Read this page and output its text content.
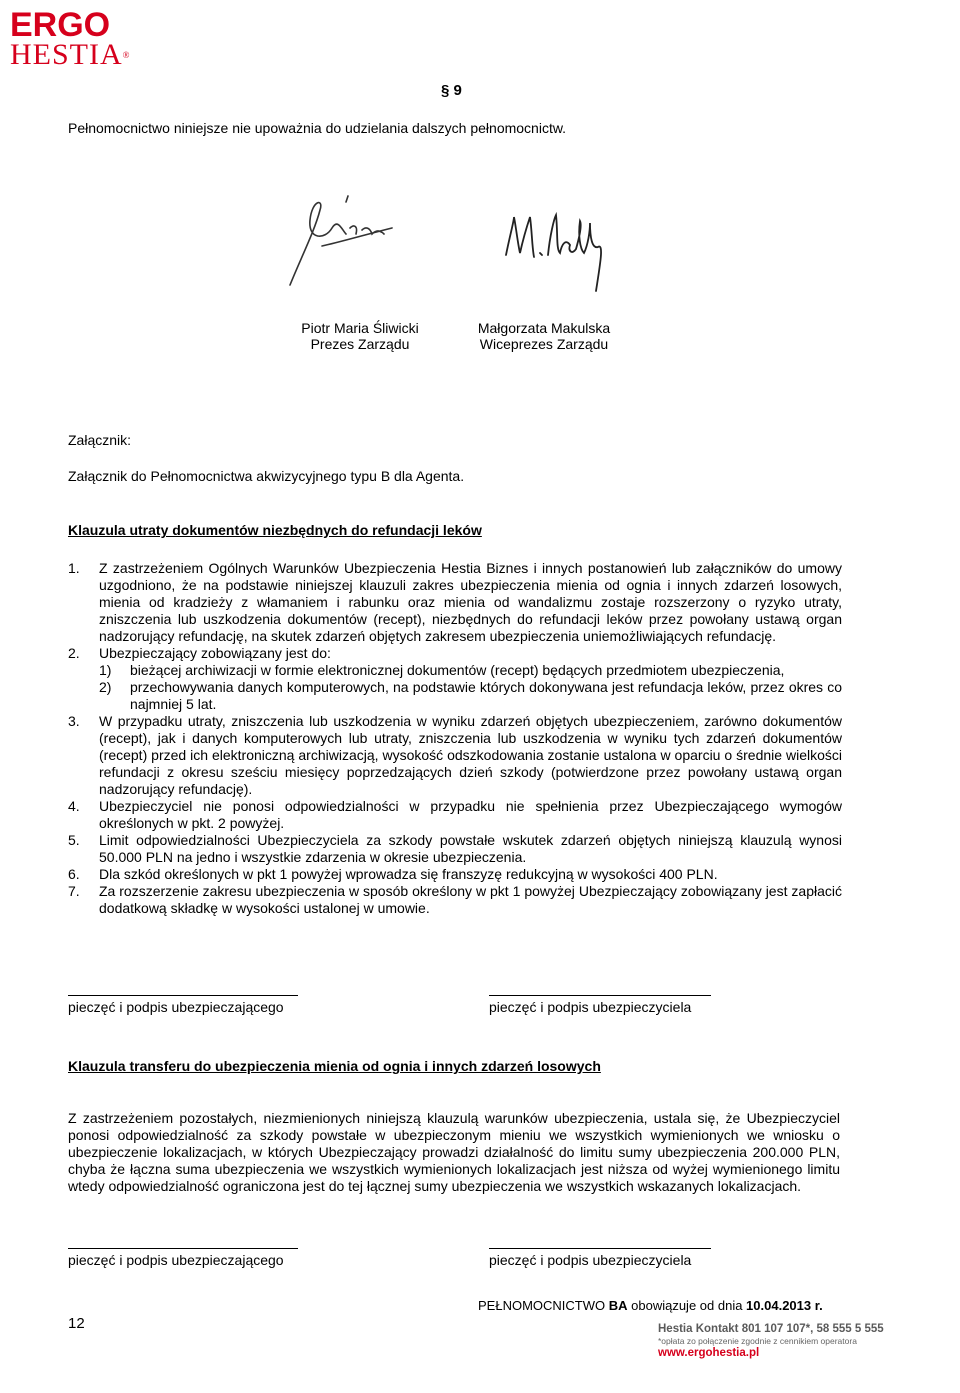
ERGO
HESTIA®
§ 9
Pełnomocnictwo niniejsze nie upoważnia do udzielania dalszych pełnomocnictw.
Piotr Maria Śliwicki
Prezes Zarządu
Małgorzata Makulska
Wiceprezes Zarządu
Załącznik:
Załącznik do Pełnomocnictwa akwizycyjnego typu B dla Agenta.
Klauzula utraty dokumentów niezbędnych do refundacji leków
1. Z zastrzeżeniem Ogólnych Warunków Ubezpieczenia Hestia Biznes i innych postanowień lub załączników do umowy uzgodniono, że na podstawie niniejszej klauzuli zakres ubezpieczenia mienia od ognia i innych zdarzeń losowych, mienia od kradzieży z włamaniem i rabunku oraz mienia od wandalizmu zostaje rozszerzony o ryzyko utraty, zniszczenia lub uszkodzenia dokumentów (recept), niezbędnych do refundacji leków przez powołany ustawą organ nadzorujący refundację, na skutek zdarzeń objętych zakresem ubezpieczenia uniemożliwiających refundację.
2. Ubezpieczający zobowiązany jest do:
1) bieżącej archiwizacji w formie elektronicznej dokumentów (recept) będących przedmiotem ubezpieczenia,
2) przechowywania danych komputerowych, na podstawie których dokonywana jest refundacja leków, przez okres co najmniej 5 lat.
3. W przypadku utraty, zniszczenia lub uszkodzenia w wyniku zdarzeń objętych ubezpieczeniem, zarówno dokumentów (recept), jak i danych komputerowych lub utraty, zniszczenia lub uszkodzenia w wyniku tych zdarzeń dokumentów (recept) przed ich elektroniczną archiwizacją, wysokość odszkodowania zostanie ustalona w oparciu o średnie wielkości refundacji z okresu sześciu miesięcy poprzedzających dzień szkody (potwierdzone przez powołany ustawą organ nadzorujący refundację).
4. Ubezpieczyciel nie ponosi odpowiedzialności w przypadku nie spełnienia przez Ubezpieczającego wymogów określonych w pkt. 2 powyżej.
5. Limit odpowiedzialności Ubezpieczyciela za szkody powstałe wskutek zdarzeń objętych niniejszą klauzulą wynosi 50.000 PLN na jedno i wszystkie zdarzenia w okresie ubezpieczenia.
6. Dla szkód określonych w pkt 1 powyżej wprowadza się franszyzę redukcyjną w wysokości 400 PLN.
7. Za rozszerzenie zakresu ubezpieczenia w sposób określony w pkt 1 powyżej Ubezpieczający zobowiązany jest zapłacić dodatkową składkę w wysokości ustalonej w umowie.
pieczęć i podpis ubezpieczającego	pieczęć i podpis ubezpieczyciela
Klauzula transferu do ubezpieczenia mienia od ognia i innych zdarzeń losowych
Z zastrzeżeniem pozostałych, niezmienionych niniejszą klauzulą warunków ubezpieczenia, ustala się, że Ubezpieczyciel ponosi odpowiedzialność za szkody powstałe w ubezpieczonym mieniu we wszystkich wymienionych we wniosku o ubezpieczenie lokalizacjach, w których Ubezpieczający prowadzi działalność do limitu sumy ubezpieczenia 200.000 PLN, chyba że łączna suma ubezpieczenia we wszystkich wymienionych lokalizacjach jest niższa od wyżej wymienionego limitu wtedy odpowiedzialność ograniczona jest do tej łącznej sumy ubezpieczenia we wszystkich wskazanych lokalizacjach.
pieczęć i podpis ubezpieczającego	pieczęć i podpis ubezpieczyciela
PEŁNOMOCNICTWO BA obowiązuje od dnia 10.04.2013 r.
12	Hestia Kontakt 801 107 107*, 58 555 5 555
*opłata zo połączenie zgodnie z cennikiem operatora
www.ergohestia.pl
